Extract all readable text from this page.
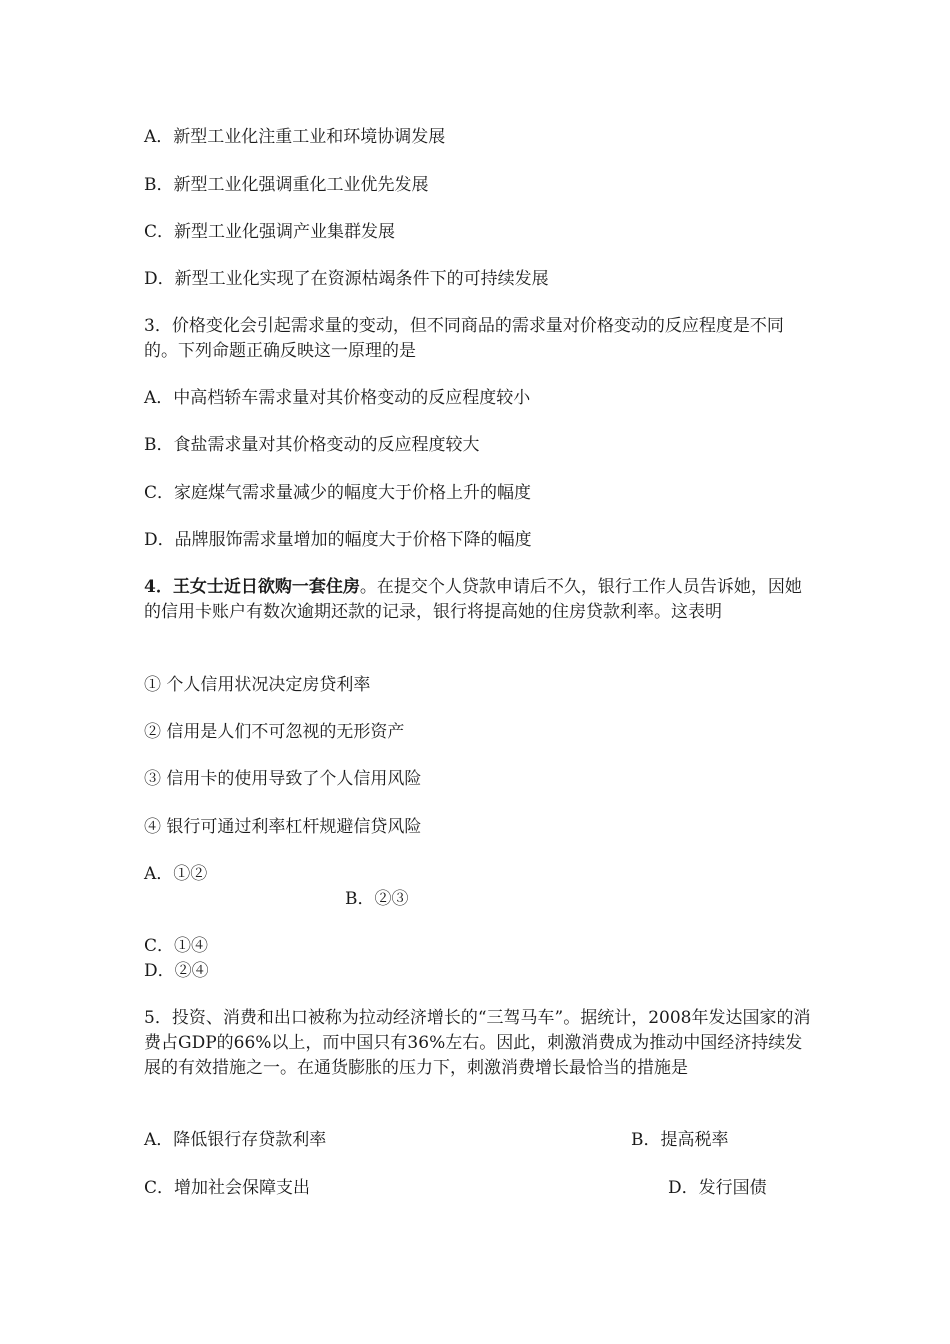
A．新型工业化注重工业和环境协调发展
B．新型工业化强调重化工业优先发展
C．新型工业化强调产业集群发展
D．新型工业化实现了在资源枯竭条件下的可持续发展
3．价格变化会引起需求量的变动，但不同商品的需求量对价格变动的反应程度是不同的。下列命题正确反映这一原理的是
A．中高档轿车需求量对其价格变动的反应程度较小
B．食盐需求量对其价格变动的反应程度较大
C．家庭煤气需求量减少的幅度大于价格上升的幅度
D．品牌服饰需求量增加的幅度大于价格下降的幅度
4．王女士近日欲购一套住房。在提交个人贷款申请后不久，银行工作人员告诉她，因她的信用卡账户有数次逾期还款的记录，银行将提高她的住房贷款利率。这表明
① 个人信用状况决定房贷利率
② 信用是人们不可忽视的无形资产
③ 信用卡的使用导致了个人信用风险
④ 银行可通过利率杠杆规避信贷风险
A．①②
B．②③
C．①④
D．②④
5．投资、消费和出口被称为拉动经济增长的“三驾马车”。据统计，2008年发达国家的消费占GDP的66%以上，而中国只有36%左右。因此，刺激消费成为推动中国经济持续发展的有效措施之一。在通货膨胀的压力下，刺激消费增长最恰当的措施是
A．降低银行存贷款利率	B．提高税率
C．增加社会保障支出	D．发行国债
